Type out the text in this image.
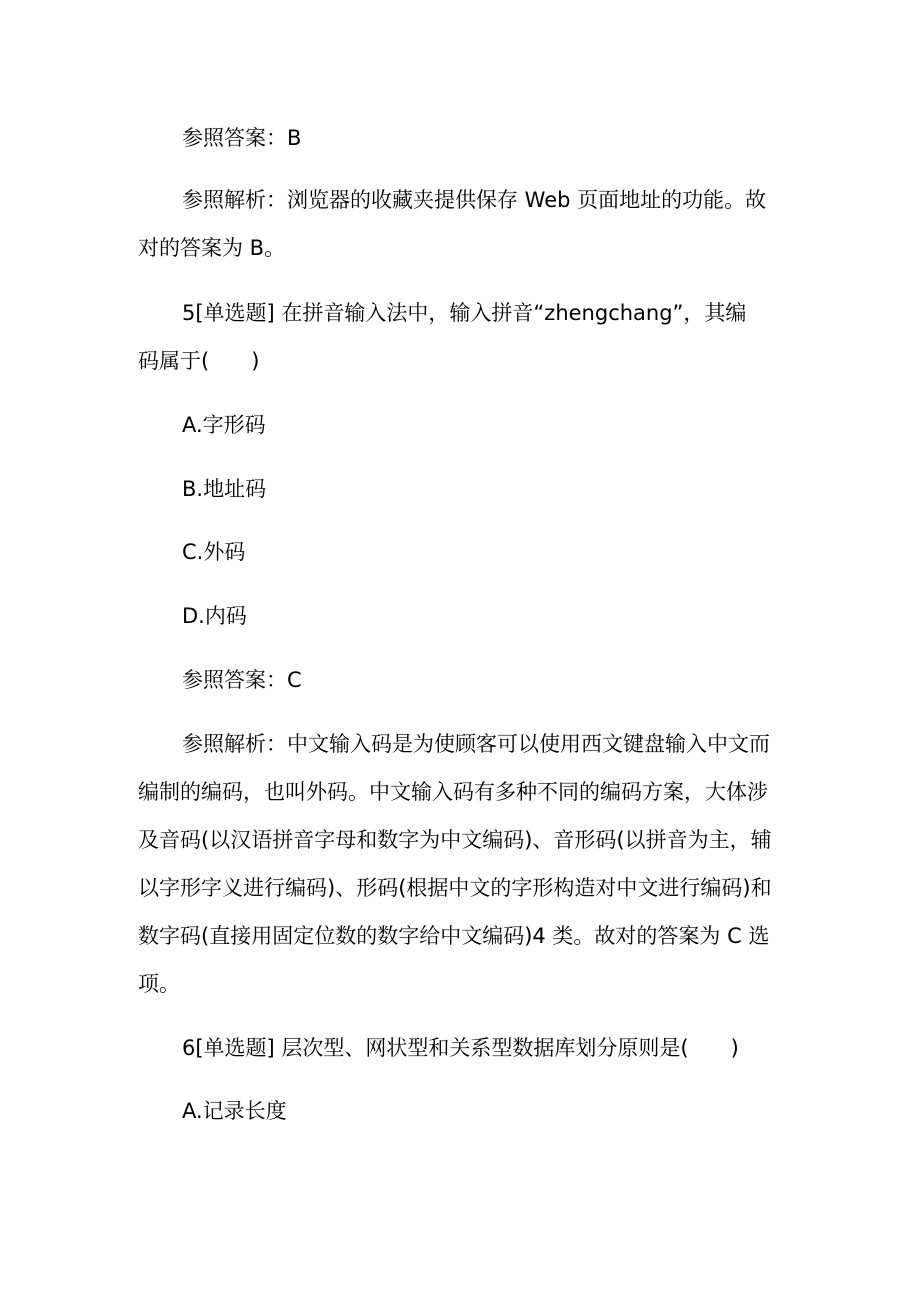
参照答案：B
参照解析：浏览器的收藏夹提供保存 Web 页面地址的功能。故
对的答案为 B。
5[单选题] 在拼音输入法中，输入拼音“zhengchang”，其编
码属于(　　)
A.字形码
B.地址码
C.外码
D.内码
参照答案：C
参照解析：中文输入码是为使顾客可以使用西文键盘输入中文而
编制的编码，也叫外码。中文输入码有多种不同的编码方案，大体涉
及音码(以汉语拼音字母和数字为中文编码)、音形码(以拼音为主，辅
以字形字义进行编码)、形码(根据中文的字形构造对中文进行编码)和
数字码(直接用固定位数的数字给中文编码)4 类。故对的答案为 C 选
项。
6[单选题] 层次型、网状型和关系型数据库划分原则是(　　)
A.记录长度
